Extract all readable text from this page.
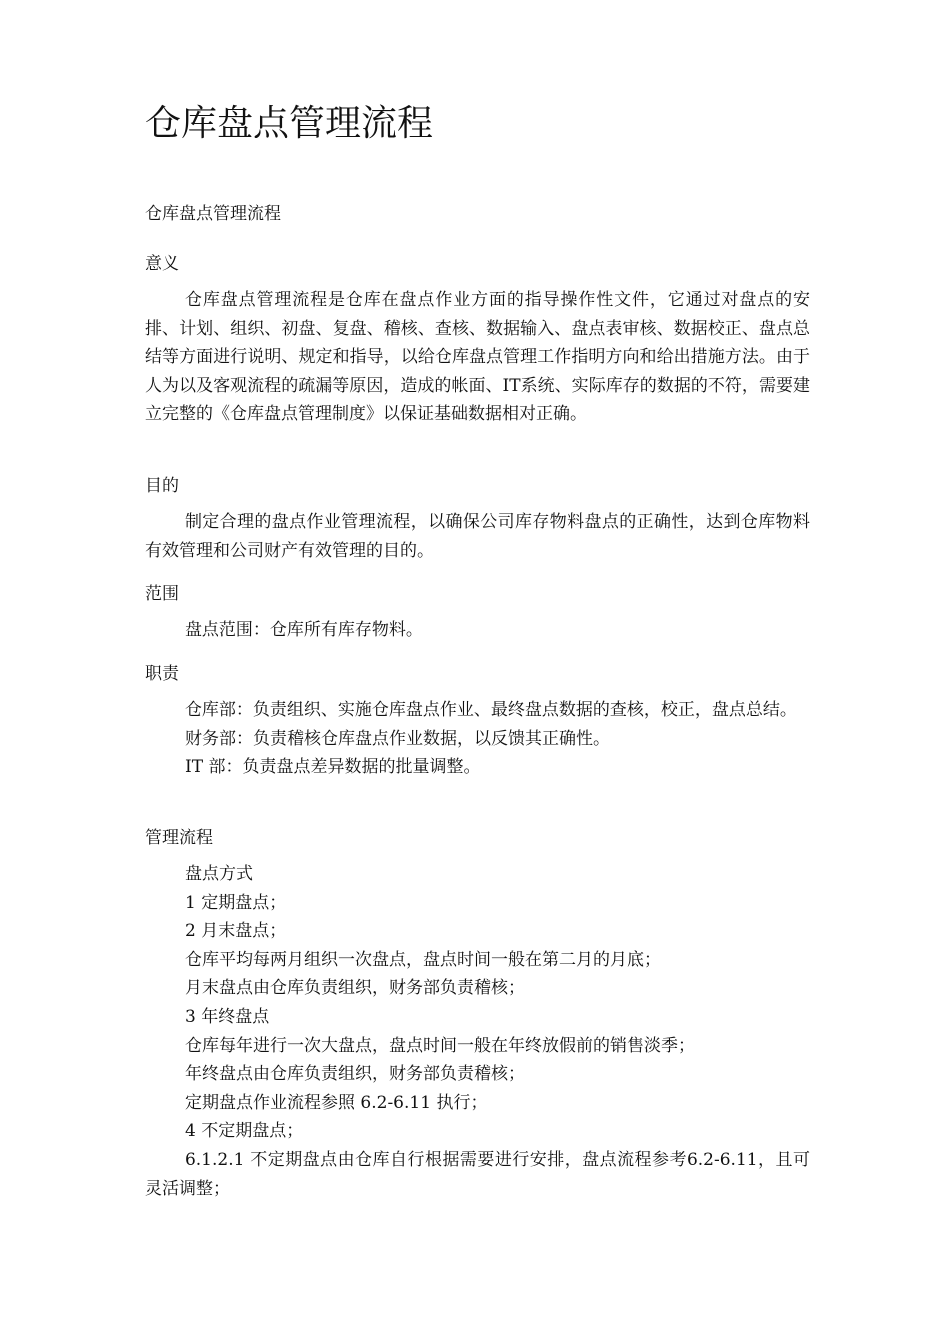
仓库盘点管理流程
仓库盘点管理流程
意义

仓库盘点管理流程是仓库在盘点作业方面的指导操作性文件，它通过对盘点的安排、计划、组织、初盘、复盘、稽核、查核、数据输入、盘点表审核、数据校正、盘点总结等方面进行说明、规定和指导，以给仓库盘点管理工作指明方向和给出措施方法。由于人为以及客观流程的疏漏等原因，造成的帐面、IT系统、实际库存的数据的不符，需要建立完整的《仓库盘点管理制度》以保证基础数据相对正确。

目的

制定合理的盘点作业管理流程，以确保公司库存物料盘点的正确性，达到仓库物料有效管理和公司财产有效管理的目的。

范围

盘点范围：仓库所有库存物料。

职责

仓库部：负责组织、实施仓库盘点作业、最终盘点数据的查核，校正，盘点总结。

财务部：负责稽核仓库盘点作业数据，以反馈其正确性。
IT 部：负责盘点差异数据的批量调整。
管理流程
盘点方式
1 定期盘点；
2 月末盘点；
仓库平均每两月组织一次盘点，盘点时间一般在第二月的月底；
月末盘点由仓库负责组织，财务部负责稽核；
3 年终盘点
仓库每年进行一次大盘点，盘点时间一般在年终放假前的销售淡季；
年终盘点由仓库负责组织，财务部负责稽核；
定期盘点作业流程参照 6.2-6.11 执行；
4 不定期盘点；

6.1.2.1 不定期盘点由仓库自行根据需要进行安排，盘点流程参考6.2-6.11，且可灵活调整；
